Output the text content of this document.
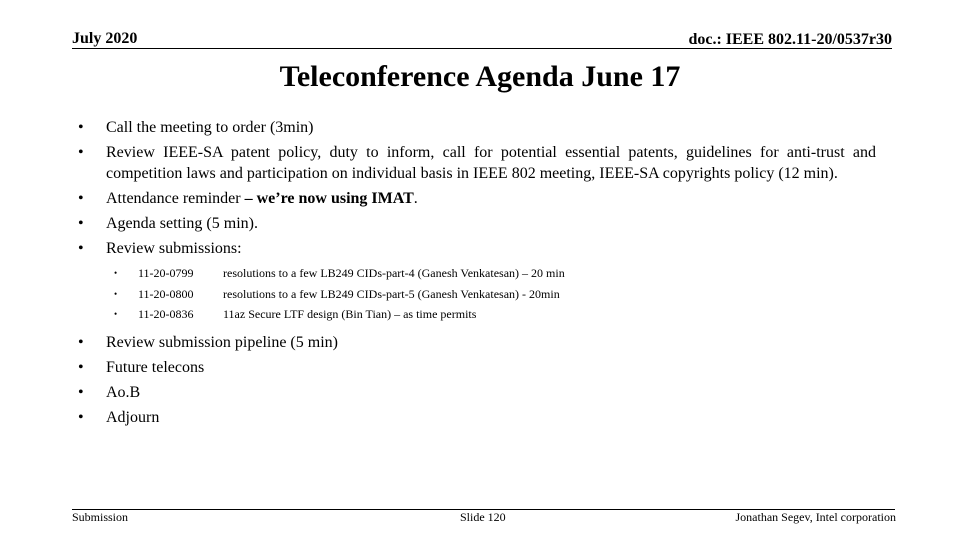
July 2020	doc.: IEEE 802.11-20/0537r30
Teleconference Agenda June 17
• Call the meeting to order (3min)
• Review IEEE-SA patent policy, duty to inform, call for potential essential patents, guidelines for anti-trust and competition laws and participation on individual basis in IEEE 802 meeting, IEEE-SA copyrights policy (12 min).
• Attendance reminder – we’re now using IMAT.
• Agenda setting (5 min).
• Review submissions:
• 11-20-0799 resolutions to a few LB249 CIDs-part-4 (Ganesh Venkatesan) – 20 min
• 11-20-0800 resolutions to a few LB249 CIDs-part-5 (Ganesh Venkatesan) - 20min
• 11-20-0836 11az Secure LTF design (Bin Tian) – as time permits
• Review submission pipeline (5 min)
• Future telecons
• Ao.B
• Adjourn
Submission	Slide 120	Jonathan Segev, Intel corporation
